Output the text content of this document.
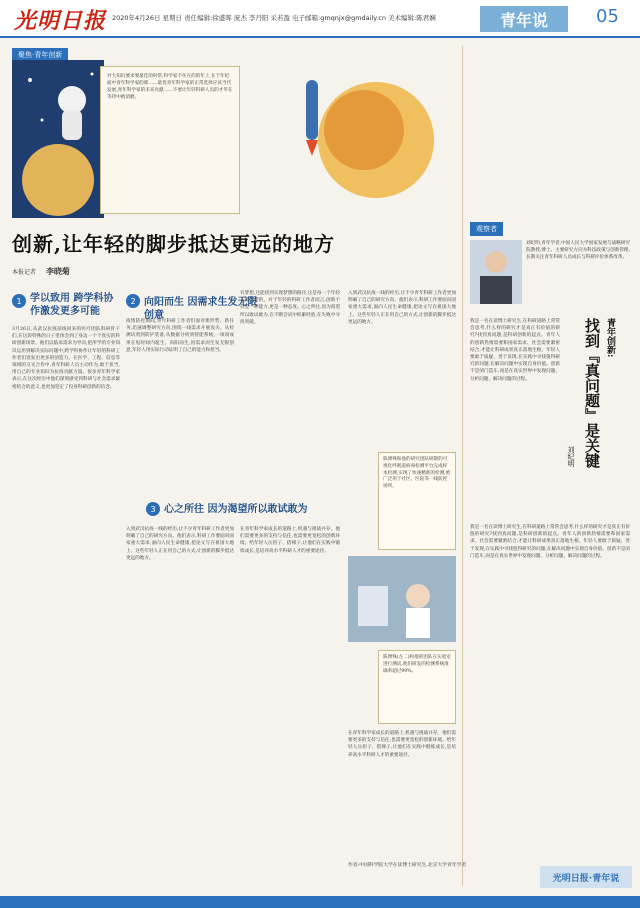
光明日报 2020年4月26日 星期日 责任编辑:徐盛晖 庞杰 李丹阳 采若盈 电子邮箱:gmqnjx@gmdaily.cn 美术编辑:陈君娴	青年说	05
聚焦·青年创新
对大知识要求要最佳的时常,科学家不住在的的年上,在于年纪面中青年科学家的那……最优青年科学家的正常选择应该当代发展,青年科学家的未来贡献……不要让年轻科研人员的才华在等待中被消磨。
创新,让年轻的脚步抵达更远的地方
本报记者 李晓菊
1 学以致用 跨学科协作激发更多可能
3月26日,从武汉抗疫前线回来的医疗团队科研骨干们,在这段特殊的日子里体会到了身边一个个真实的科研创新场景。他们以临床需求为导向,把所学的专业知识运用到解决实际问题中,跨学科协作让年轻的科研工作者们迸发出更多的创造力。在医学、工程、信息等领域的交叉合作中,青年科研人员主动作为,敢于担当,用自己的专业知识为抗疫贡献力量。很多青年科学家表示,在这次经历中他们深刻感受到科研与社会需求紧密结合的意义,也更加坚定了投身科研创新的信念。
2 向阳而生 因需求生发无限创意
疫情防控期间,青年科研工作者们面对新形势、新任务,迅速调整研究方向,围绕一线需求开展攻关。从检测试剂到防护装备,从数据分析到智能系统,一项项成果在短时间内诞生。向阳而生,因需求而生发无限创意,年轻人用实际行动证明了自己的能力和担当。
有梦想,还能找到实现梦想的路径,这是每一个年轻人都渴望的。对于年轻的科研工作者而言,创新不仅是一种能力,更是一种态度。心之所往,因为渴望所以敢试敢为,在不断尝试中积累经验,在失败中寻找突破。
3 心之所往 因为渴望所以敢试敢为
入到武汉抗疫一线的经历,让不少青年科研工作者更加明确了自己的研究方向。他们表示,科研工作要面向国家重大需求,面向人民生命健康,把论文写在祖国大地上。这些年轻人正在用自己的方式,让创新的脚步抵达更远的地方。
在青年科学家成长的道路上,机遇与挑战并存。他们需要更多的支持与信任,也需要更宽松的创新环境。给年轻人压担子、搭梯子,让他们在实践中锻炼成长,是培养高水平科研人才的重要途径。
入到武汉抗疫一线的经历,让不少青年科研工作者更加明确了自己的研究方向。他们表示,科研工作要面向国家重大需求,面向人民生命健康,把论文写在祖国大地上。这些年轻人正在用自己的方式,让创新的脚步抵达更远的地方。
陈博殊和他的研究团队研制的可视化呼吸道病毒检测平台完成样本检测,实现了快速精准的检测,被广泛用于社区、医院等一线防控场所。
陈博殊(左二)和他的团队在实验室进行测试,他们研发的检测系统准确率超过99%。
在青年科学家成长的道路上,机遇与挑战并存。他们需要更多的支持与信任,也需要更宽松的创新环境。给年轻人压担子、搭梯子,让他们在实践中锻炼成长,是培养高水平科研人才的重要途径。
观察者
刘纪明,青年学者,中国人民大学国家发展与战略研究院教授,博士。主要研究方向为科技政策与创新管理,长期关注青年科研人员成长与科研评价体系改革。
青年创新:
找到『真问题』是关键
刘纪明
我是一名在读博士研究生,在科研道路上常常会思考,什么样的研究才是真正有价值的研究?找到真问题,是科研创新的起点。青年人的创新热情需要和国家需求、社会需要紧密结合,才能让科研成果真正落地生根。年轻人要敢于质疑、善于发现,在实践中寻找值得研究的问题,在解决问题中实现自身价值。创新不是闭门造车,而是在真实世界中发现问题、分析问题、解决问题的过程。
我是一名在读博士研究生,在科研道路上常常会思考,什么样的研究才是真正有价值的研究?找到真问题,是科研创新的起点。青年人的创新热情需要和国家需求、社会需要紧密结合,才能让科研成果真正落地生根。年轻人要敢于质疑、善于发现,在实践中寻找值得研究的问题,在解决问题中实现自身价值。创新不是闭门造车,而是在真实世界中发现问题、分析问题、解决问题的过程。
作者:中国科学院大学在读博士研究生,北京大学青年学者
光明日报·青年说
